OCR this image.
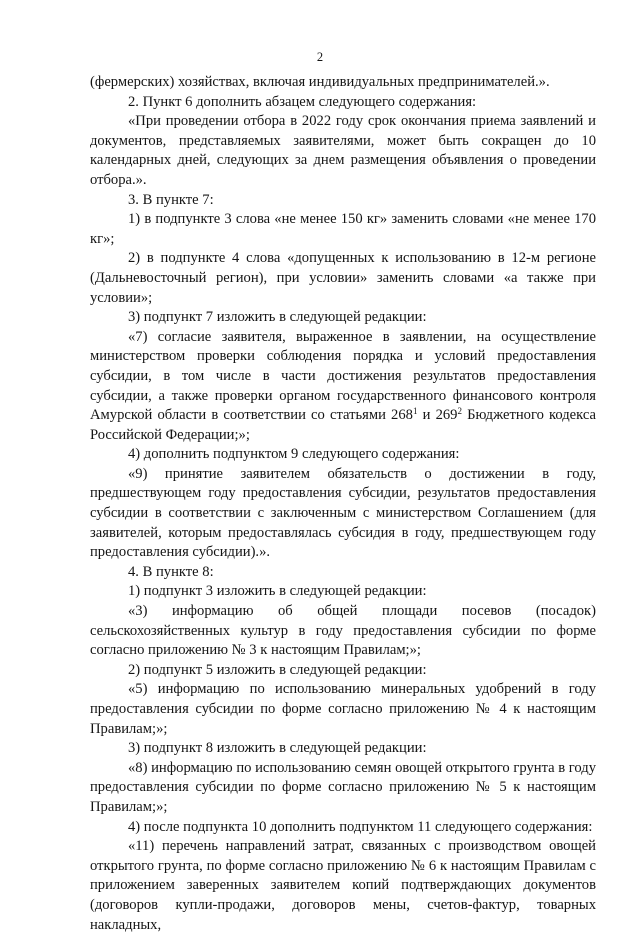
2

(фермерских) хозяйствах, включая индивидуальных предпринимателей.».

2. Пункт 6 дополнить абзацем следующего содержания:

«При проведении отбора в 2022 году срок окончания приема заявлений и документов, представляемых заявителями, может быть сокращен до 10 календарных дней, следующих за днем размещения объявления о проведении отбора.».

3. В пункте 7:

1) в подпункте 3 слова «не менее 150 кг» заменить словами «не менее 170 кг»;

2) в подпункте 4 слова «допущенных к использованию в 12-м регионе (Дальневосточный регион), при условии» заменить словами «а также при условии»;

3) подпункт 7 изложить в следующей редакции:

«7) согласие заявителя, выраженное в заявлении, на осуществление министерством проверки соблюдения порядка и условий предоставления субсидии, в том числе в части достижения результатов предоставления субсидии, а также проверки органом государственного финансового контроля Амурской области в соответствии со статьями $268^1$ и $269^2$ Бюджетного кодекса Российской Федерации;»;

4) дополнить подпунктом 9 следующего содержания:

«9) принятие заявителем обязательств о достижении в году, предшествующем году предоставления субсидии, результатов предоставления субсидии в соответствии с заключенным с министерством Соглашением (для заявителей, которым предоставлялась субсидия в году, предшествующем году предоставления субсидии).».

4. В пункте 8:

1) подпункт 3 изложить в следующей редакции:

«3) информацию об общей площади посевов (посадок) сельскохозяйственных культур в году предоставления субсидии по форме согласно приложению № 3 к настоящим Правилам;»;

2) подпункт 5 изложить в следующей редакции:

«5) информацию по использованию минеральных удобрений в году предоставления субсидии по форме согласно приложению № 4 к настоящим Правилам;»;

3) подпункт 8 изложить в следующей редакции:

«8) информацию по использованию семян овощей открытого грунта в году предоставления субсидии по форме согласно приложению № 5 к настоящим Правилам;»;

4) после подпункта 10 дополнить подпунктом 11 следующего содержания:

«11) перечень направлений затрат, связанных с производством овощей открытого грунта, по форме согласно приложению № 6 к настоящим Правилам с приложением заверенных заявителем копий подтверждающих документов (договоров купли-продажи, договоров мены, счетов-фактур, товарных накладных,
